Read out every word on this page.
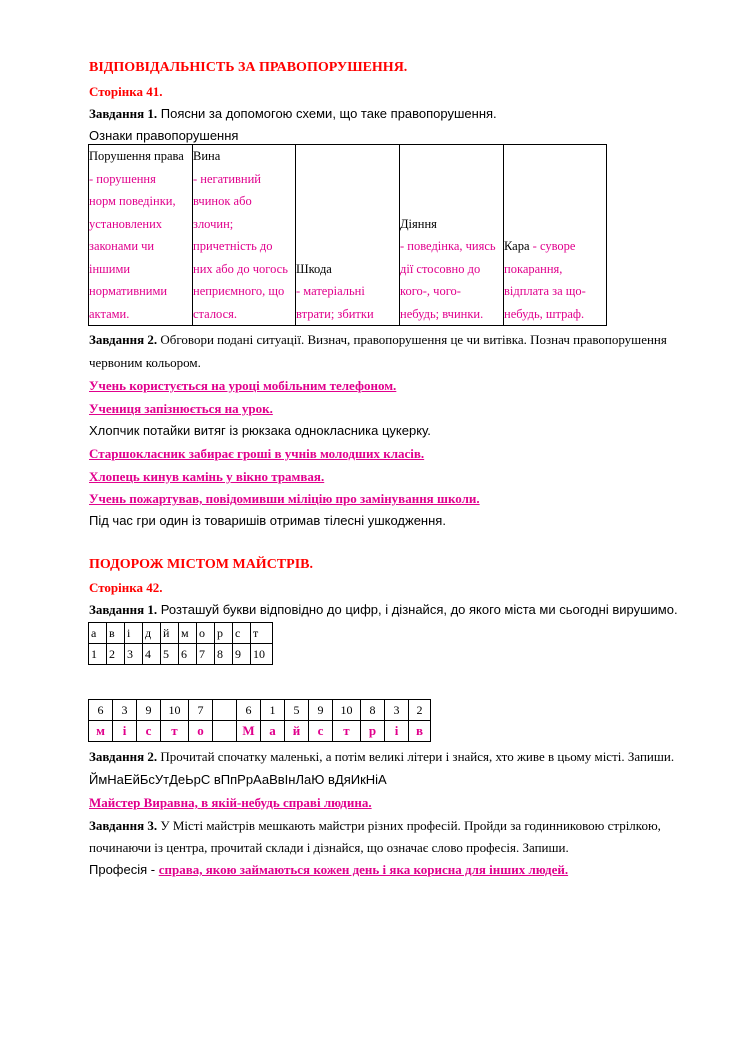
ВІДПОВІДАЛЬНІСТЬ ЗА ПРАВОПОРУШЕННЯ.
Сторінка 41.
Завдання 1. Поясни за допомогою схеми, що таке правопорушення.
Ознаки правопорушення
Порушення права
- порушення
норм поведінки,
установлених
законами чи
іншими
нормативними
актами.

Вина
- негативний
вчинок або
злочин;
причетність до
них або до чогось
неприємного, що
сталося.

Шкода
- матеріальні
втрати; збитки

Діяння
- поведінка, чиясь
дії стосовно до
кого-, чого-
небудь; вчинки.

Кара - суворе
покарання,
відплата за що-
небудь, штраф.
Завдання 2. Обговори подані ситуації. Визнач, правопорушення це чи витівка. Познач правопорушення
червоним кольором.
Учень користується на уроці мобільним телефоном.
Учениця запізнюється на урок.
Хлопчик потайки витяг із рюкзака однокласника цукерку.
Старшокласник забирає гроші в учнів молодших класів.
Хлопець кинув камінь у вікно трамвая.
Учень пожартував, повідомивши міліцію про замінування школи.
Під час гри один із товаришів отримав тілесні ушкодження.
ПОДОРОЖ МІСТОМ МАЙСТРІВ.
Сторінка 42.
Завдання 1. Розташуй букви відповідно до цифр, і дізнайся, до якого міста ми сьогодні вирушимо.
а	в	і	д	й	м	о	р	с	т
1	2	3	4	5	6	7	8	9	10
6	3	9	10	7		6	1	5	9	10	8	3	2
м	і	с	т	о		М	а	й	с	т	р	і	в
Завдання 2. Прочитай спочатку маленькі, а потім великі літери і знайся, хто живе в цьому місті. Запиши.
ЙмНаЕйБсУтДеЬрС вПпРрАаВвІнЛаЮ вДяИкНіА
Майстер Виравна, в якій-небудь справі людина.
Завдання 3. У Місті майстрів мешкають майстри різних професій. Пройди за годинниковою стрілкою,
починаючи із центра, прочитай склади і дізнайся, що означає слово професія. Запиши.
Професія - справа, якою займаються кожен день і яка корисна для інших людей.
